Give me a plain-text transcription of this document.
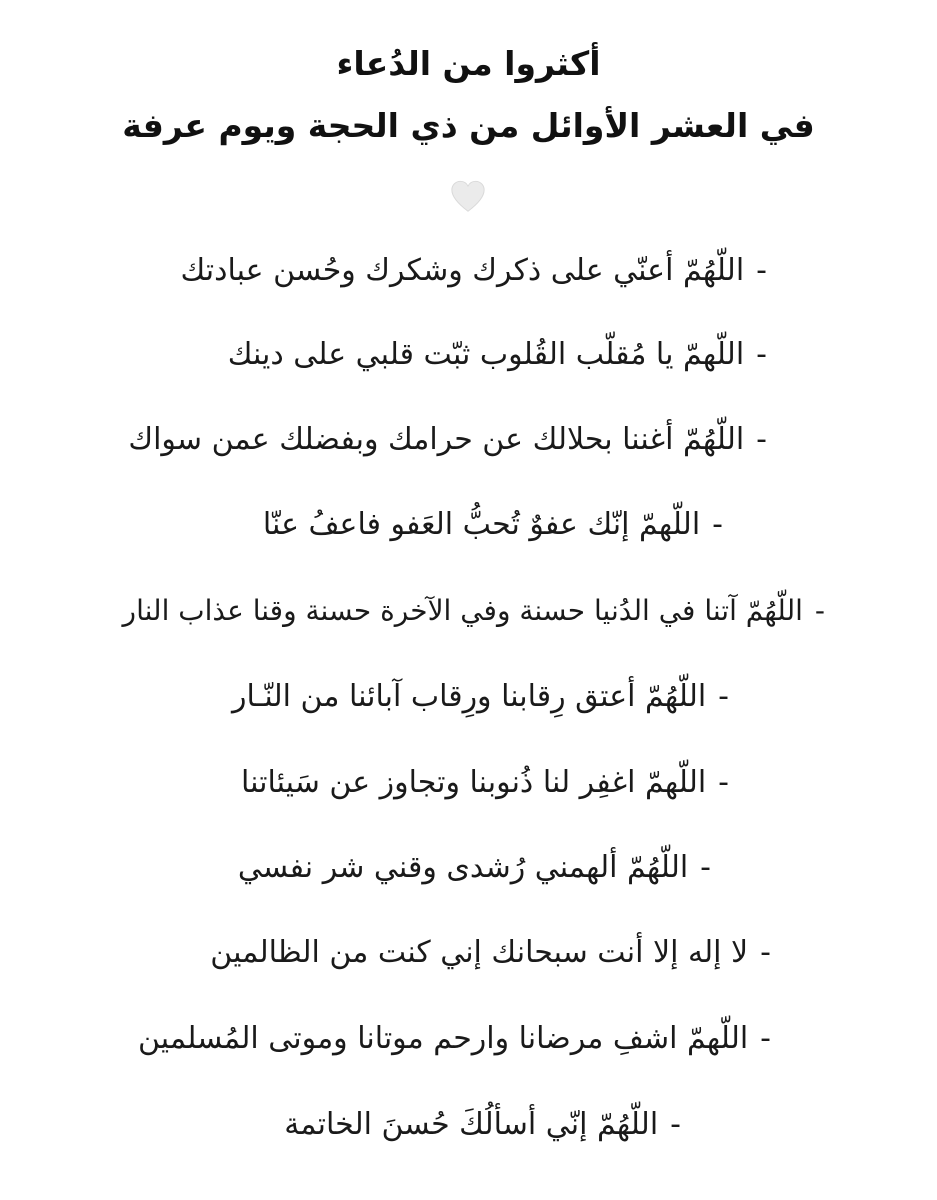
أكثروا من الدُعاء
في العشر الأوائل من ذي الحجة ويوم عرفة
-اللّهُمّ أعنّي على ذكرك وشكرك وحُسن عبادتك
-اللّهمّ يا مُقلّب القُلوب ثبّت قلبي على دينك
-اللّهُمّ أغننا بحلالك عن حرامك وبفضلك عمن سواك
-اللّهمّ إنّك عفوٌ تُحبُّ العَفو فاعفُ عنّا
-اللّهُمّ آتنا في الدُنيا حسنة وفي الآخرة حسنة وقنا عذاب النار
-اللّهُمّ أعتق رِقابنا ورِقاب آبائنا من النّـار
-اللّهمّ اغفِر لنا ذُنوبنا وتجاوز عن سَيئاتنا
-اللّهُمّ ألهمني رُشدى وقني شر نفسي
-لا إله إلا أنت سبحانك إني كنت من الظالمين
-اللّهمّ اشفِ مرضانا وارحم موتانا وموتى المُسلمين
-اللّهُمّ إنّي أسألُكَ حُسنَ الخاتمة
